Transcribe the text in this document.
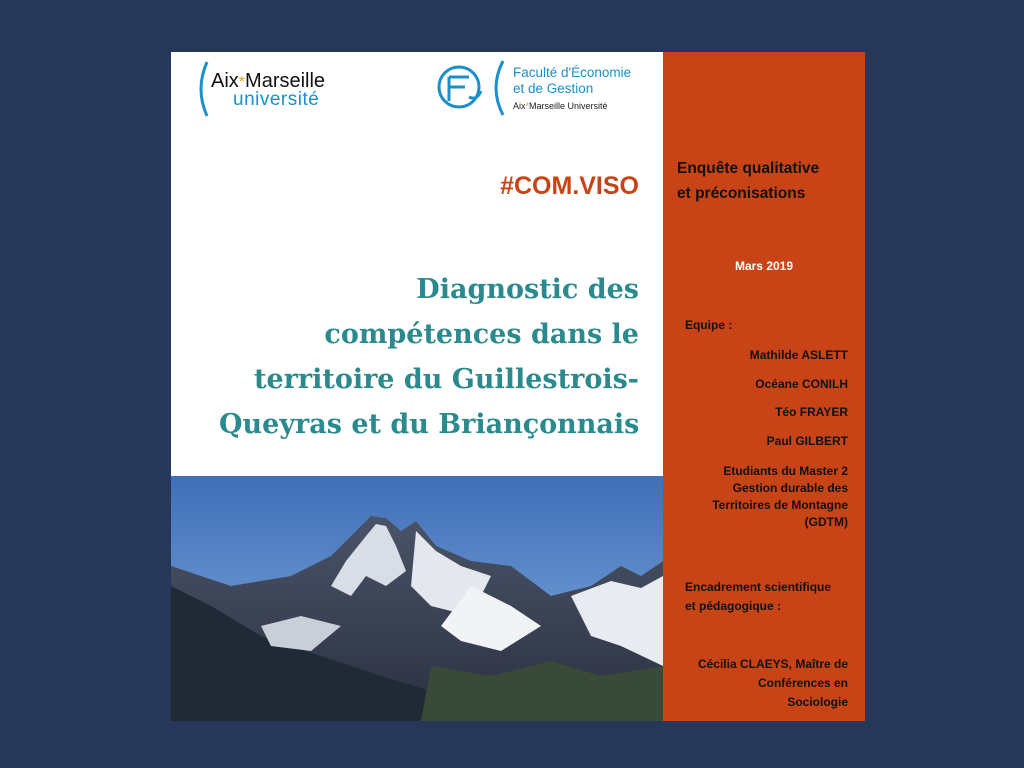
Aix*Marseille
université
Faculté d'Économie
et de Gestion
Aix*Marseille Université
#COM.VISO
Diagnostic des
compétences dans le
territoire du Guillestrois-
Queyras et du Briançonnais
Enquête qualitative
et préconisations
Mars 2019
Equipe :
Mathilde ASLETT
Océane CONILH
Téo FRAYER
Paul GILBERT
Etudiants du Master 2
Gestion durable des
Territoires de Montagne
(GDTM)
Encadrement scientifique
et pédagogique :
Cécilia CLAEYS, Maître de
Conférences en
Sociologie
